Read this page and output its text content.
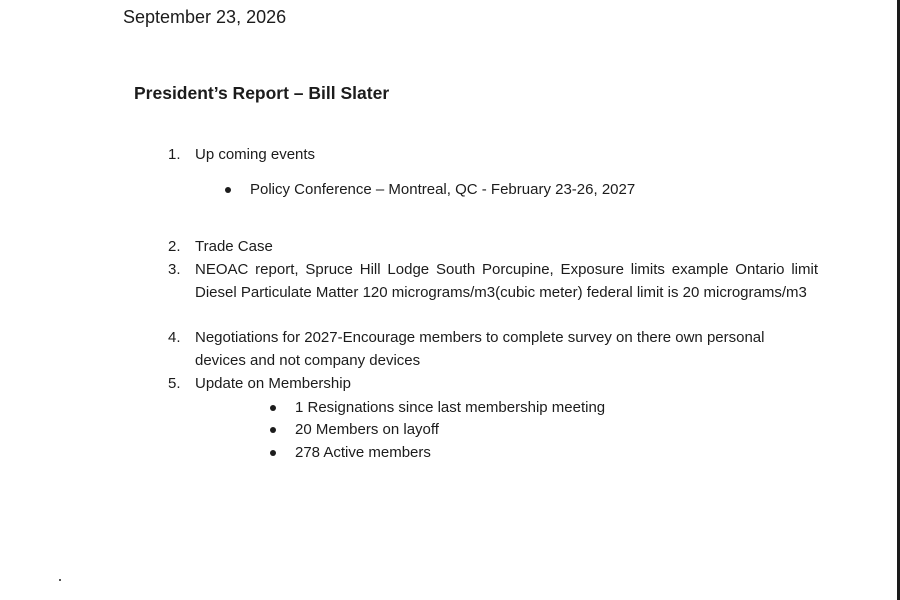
September 23, 2026
President’s Report – Bill Slater
1. Up coming events
Policy Conference – Montreal, QC - February 23-26, 2027
2. Trade Case
3. NEOAC report, Spruce Hill Lodge South Porcupine, Exposure limits example Ontario limit Diesel Particulate Matter 120 micrograms/m3(cubic meter) federal limit is 20 micrograms/m3
4. Negotiations for 2027-Encourage members to complete survey on there own personal devices and not company devices
5. Update on Membership
1 Resignations since last membership meeting
20 Members on layoff
278 Active members
